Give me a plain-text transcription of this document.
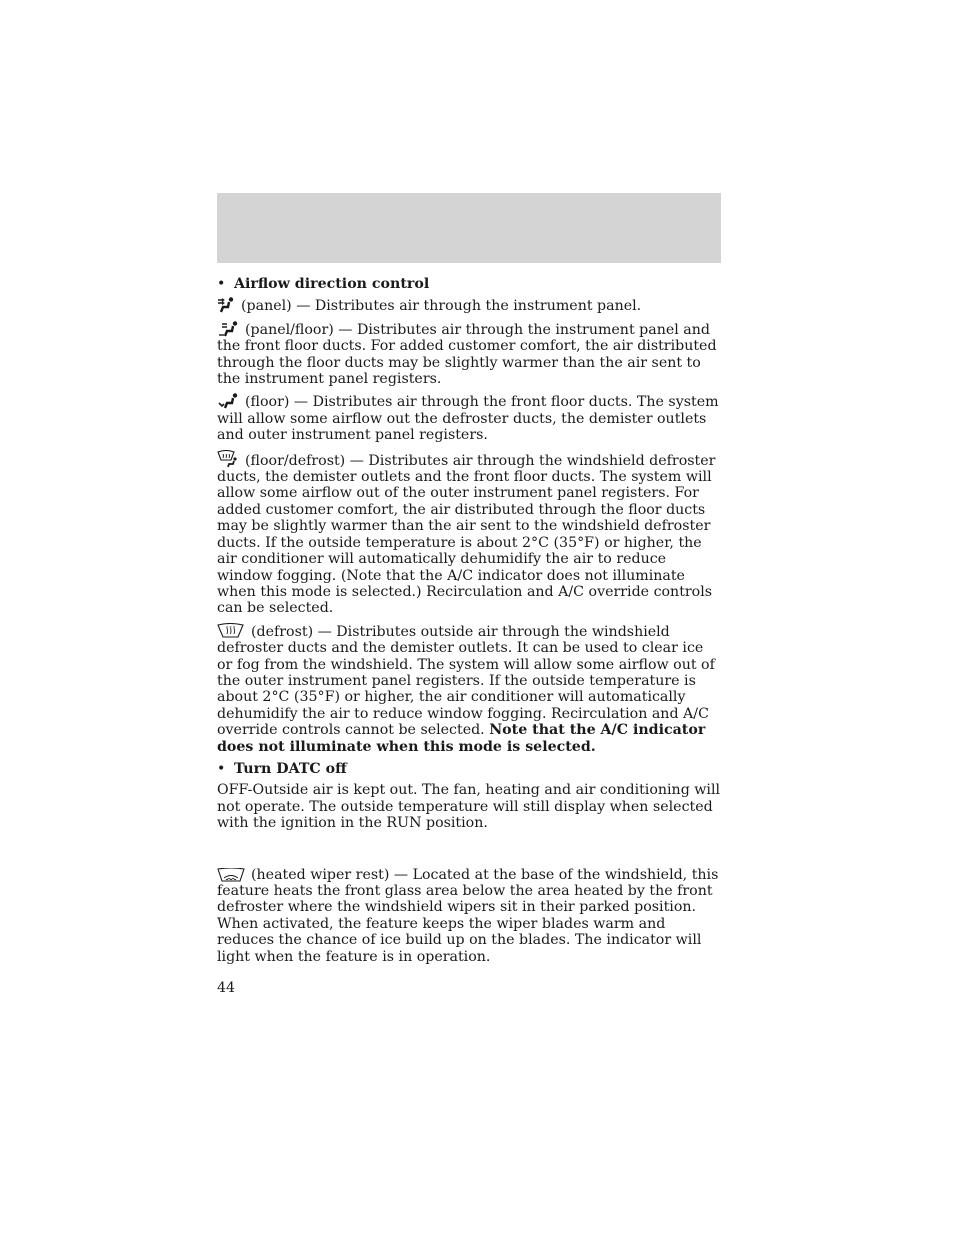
• Airflow direction control

(panel) — Distributes air through the instrument panel.

(panel/floor) — Distributes air through the instrument panel and the front floor ducts. For added customer comfort, the air distributed through the floor ducts may be slightly warmer than the air sent to the instrument panel registers.

(floor) — Distributes air through the front floor ducts. The system will allow some airflow out the defroster ducts, the demister outlets and outer instrument panel registers.

(floor/defrost) — Distributes air through the windshield defroster ducts, the demister outlets and the front floor ducts. The system will allow some airflow out of the outer instrument panel registers. For added customer comfort, the air distributed through the floor ducts may be slightly warmer than the air sent to the windshield defroster ducts. If the outside temperature is about 2°C (35°F) or higher, the air conditioner will automatically dehumidify the air to reduce window fogging. (Note that the A/C indicator does not illuminate when this mode is selected.) Recirculation and A/C override controls can be selected.

(defrost) — Distributes outside air through the windshield defroster ducts and the demister outlets. It can be used to clear ice or fog from the windshield. The system will allow some airflow out of the outer instrument panel registers. If the outside temperature is about 2°C (35°F) or higher, the air conditioner will automatically dehumidify the air to reduce window fogging. Recirculation and A/C override controls cannot be selected. Note that the A/C indicator does not illuminate when this mode is selected.

• Turn DATC off

OFF-Outside air is kept out. The fan, heating and air conditioning will not operate. The outside temperature will still display when selected with the ignition in the RUN position.

(heated wiper rest) — Located at the base of the windshield, this feature heats the front glass area below the area heated by the front defroster where the windshield wipers sit in their parked position. When activated, the feature keeps the wiper blades warm and reduces the chance of ice build up on the blades. The indicator will light when the feature is in operation.

44
